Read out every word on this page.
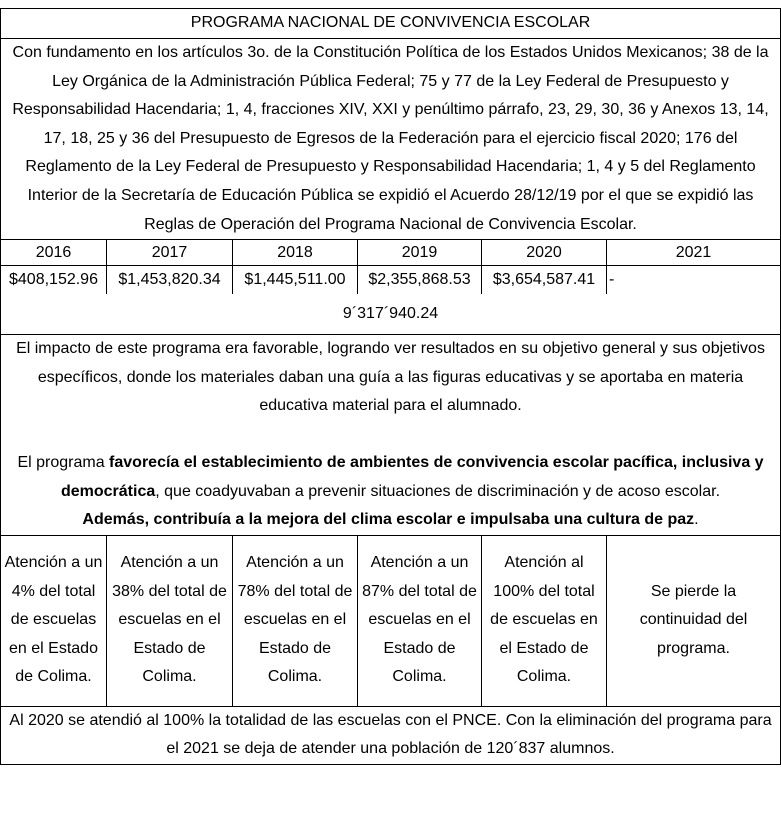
PROGRAMA NACIONAL DE CONVIVENCIA ESCOLAR					
Con fundamento en los artículos 3o. de la Constitución Política de los Estados Unidos Mexicanos; 38 de la Ley Orgánica de la Administración Pública Federal; 75 y 77 de la Ley Federal de Presupuesto y Responsabilidad Hacendaria; 1, 4, fracciones XIV, XXI y penúltimo párrafo, 23, 29, 30, 36 y Anexos 13, 14, 17, 18, 25 y 36 del Presupuesto de Egresos de la Federación para el ejercicio fiscal 2020; 176 del Reglamento de la Ley Federal de Presupuesto y Responsabilidad Hacendaria; 1, 4 y 5 del Reglamento Interior de la Secretaría de Educación Pública se expidió el Acuerdo 28/12/19 por el que se expidió las Reglas de Operación del Programa Nacional de Convivencia Escolar.					
2016	2017	2018	2019	2020	2021
$408,152.96	$1,453,820.34	$1,445,511.00	$2,355,868.53	$3,654,587.41	-
9´317´940.24					

El impacto de este programa era favorable, logrando ver resultados en su objetivo general y sus objetivos específicos, donde los materiales daban una guía a las figuras educativas y se aportaba en materia educativa material para el alumnado.

El programa favorecía el establecimiento de ambientes de convivencia escolar pacífica, inclusiva y democrática, que coadyuvaban a prevenir situaciones de discriminación y de acoso escolar.

Además, contribuía a la mejora del clima escolar e impulsaba una cultura de paz.					

Atención a un 4% del total de escuelas en el Estado de Colima.	Atención a un 38% del total de escuelas en el Estado de Colima.	Atención a un 78% del total de escuelas en el Estado de Colima.	Atención a un 87% del total de escuelas en el Estado de Colima.	Atención al 100% del total de escuelas en el Estado de Colima.	Se pierde la continuidad del programa.
Al 2020 se atendió al 100% la totalidad de las escuelas con el PNCE. Con la eliminación del programa para el 2021 se deja de atender una población de 120´837 alumnos.					
